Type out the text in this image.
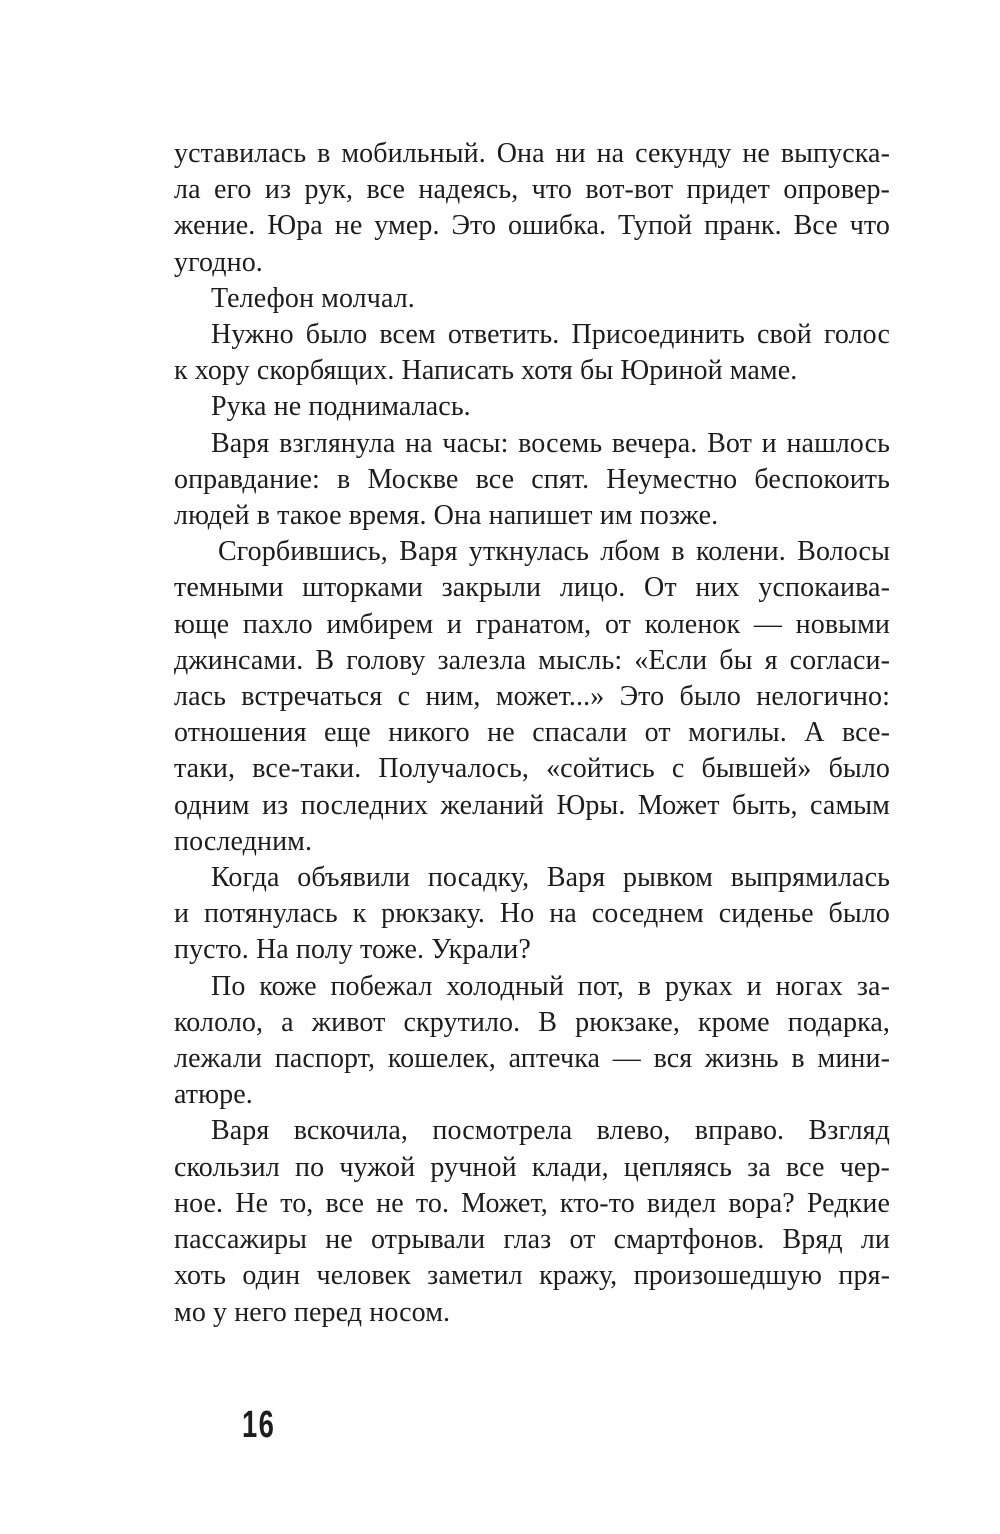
уставилась в мобильный. Она ни на секунду не выпуска-
ла его из рук, все надеясь, что вот-вот придет опровер-
жение. Юра не умер. Это ошибка. Тупой пранк. Все что
угодно.
Телефон молчал.
Нужно было всем ответить. Присоединить свой голос
к хору скорбящих. Написать хотя бы Юриной маме.
Рука не поднималась.
Варя взглянула на часы: восемь вечера. Вот и нашлось
оправдание: в Москве все спят. Неуместно беспокоить
людей в такое время. Она напишет им позже.
Сгорбившись, Варя уткнулась лбом в колени. Волосы
темными шторками закрыли лицо. От них успокаива-
юще пахло имбирем и гранатом, от коленок — новыми
джинсами. В голову залезла мысль: «Если бы я согласи-
лась встречаться с ним, может...» Это было нелогично:
отношения еще никого не спасали от могилы. А все-
таки, все-таки. Получалось, «сойтись с бывшей» было
одним из последних желаний Юры. Может быть, самым
последним.
Когда объявили посадку, Варя рывком выпрямилась
и потянулась к рюкзаку. Но на соседнем сиденье было
пусто. На полу тоже. Украли?
По коже побежал холодный пот, в руках и ногах за-
кололо, а живот скрутило. В рюкзаке, кроме подарка,
лежали паспорт, кошелек, аптечка — вся жизнь в мини-
атюре.
Варя вскочила, посмотрела влево, вправо. Взгляд
скользил по чужой ручной клади, цепляясь за все чер-
ное. Не то, все не то. Может, кто-то видел вора? Редкие
пассажиры не отрывали глаз от смартфонов. Вряд ли
хоть один человек заметил кражу, произошедшую пря-
мо у него перед носом.
16
